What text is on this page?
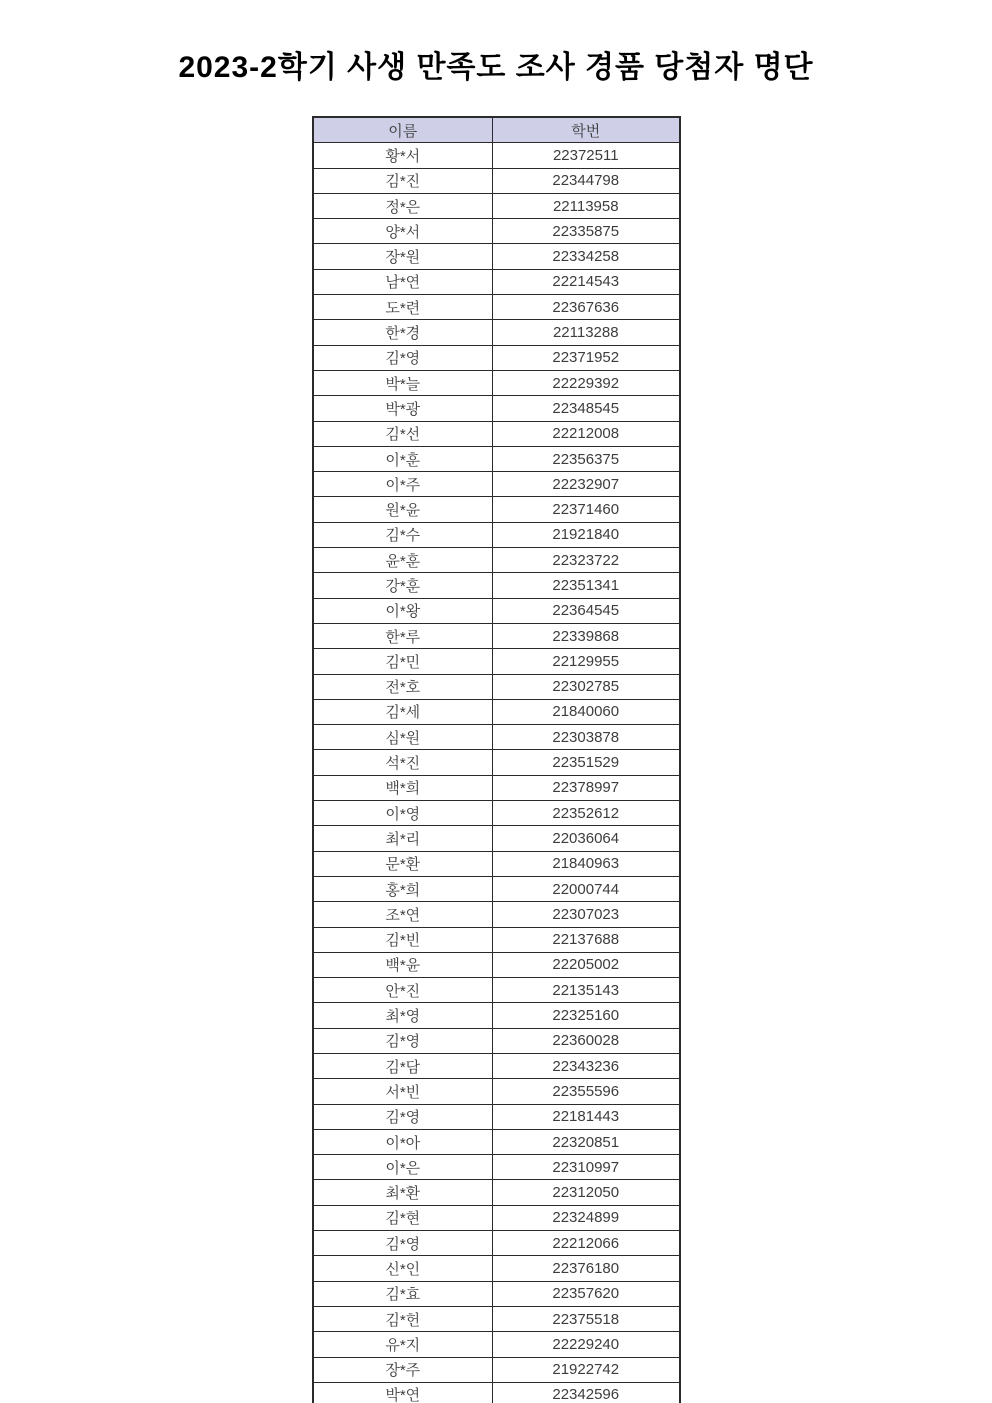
2023-2학기 사생 만족도 조사 경품 당첨자 명단
이름	학번
황*서	22372511
김*진	22344798
정*은	22113958
양*서	22335875
장*원	22334258
남*연	22214543
도*련	22367636
한*경	22113288
김*영	22371952
박*늘	22229392
박*광	22348545
김*선	22212008
이*훈	22356375
이*주	22232907
원*윤	22371460
김*수	21921840
윤*훈	22323722
강*훈	22351341
이*왕	22364545
한*루	22339868
김*민	22129955
전*호	22302785
김*세	21840060
심*원	22303878
석*진	22351529
백*희	22378997
이*영	22352612
최*리	22036064
문*환	21840963
홍*희	22000744
조*연	22307023
김*빈	22137688
백*윤	22205002
안*진	22135143
최*영	22325160
김*영	22360028
김*담	22343236
서*빈	22355596
김*영	22181443
이*아	22320851
이*은	22310997
최*환	22312050
김*현	22324899
김*영	22212066
신*인	22376180
김*효	22357620
김*헌	22375518
유*지	22229240
장*주	21922742
박*연	22342596
